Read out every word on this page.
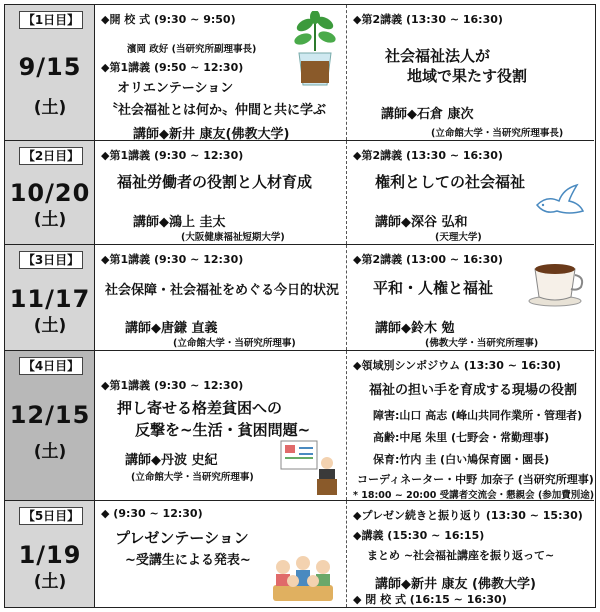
【1日目】
9/15
(土)
◆開 校 式 (9:30 ~ 9:50)
濱岡 政好 (当研究所副理事長)
◆第1講義 (9:50 ~ 12:30)
オリエンテーション
〝社会福祉とは何か〟仲間と共に学ぶ
講師◆新井 康友(佛教大学)
◆第2講義 (13:30 ~ 16:30)
社会福祉法人が
地域で果たす役割
講師◆石倉 康次
(立命館大学・当研究所理事長)
【2日目】
10/20
(土)
◆第1講義 (9:30 ~ 12:30)
福祉労働者の役割と人材育成
講師◆鴻上 圭太
(大阪健康福祉短期大学)
◆第2講義 (13:30 ~ 16:30)
権利としての社会福祉
講師◆深谷 弘和
(天理大学)
【3日目】
11/17
(土)
◆第1講義 (9:30 ~ 12:30)
社会保障・社会福祉をめぐる今日的状況
講師◆唐鎌 直義
(立命館大学・当研究所理事)
◆第2講義 (13:00 ~ 16:30)
平和・人権と福祉
講師◆鈴木 勉
(佛教大学・当研究所理事)
【4日目】
12/15
(土)
◆第1講義 (9:30 ~ 12:30)
押し寄せる格差貧困への
反撃を~生活・貧困問題~
講師◆丹波 史紀
(立命館大学・当研究所理事)
◆領域別シンポジウム (13:30 ~ 16:30)
福祉の担い手を育成する現場の役割
障害:山口 高志 (峰山共同作業所・管理者)
高齢:中尾 朱里 (七野会・常勤理事)
保育:竹内 圭 (白い鳩保育園・園長)
コーディネーター・中野 加奈子 (当研究所理事)
* 18:00 ~ 20:00 受講者交流会・懇親会 (参加費別途)
【5日目】
1/19
(土)
◆ (9:30 ~ 12:30)
プレゼンテーション
~受講生による発表~
◆プレゼン続きと振り返り (13:30 ~ 15:30)
◆講義 (15:30 ~ 16:15)
まとめ ~社会福祉講座を振り返って~
講師◆新井 康友 (佛教大学)
◆ 閉 校 式 (16:15 ~ 16:30)
